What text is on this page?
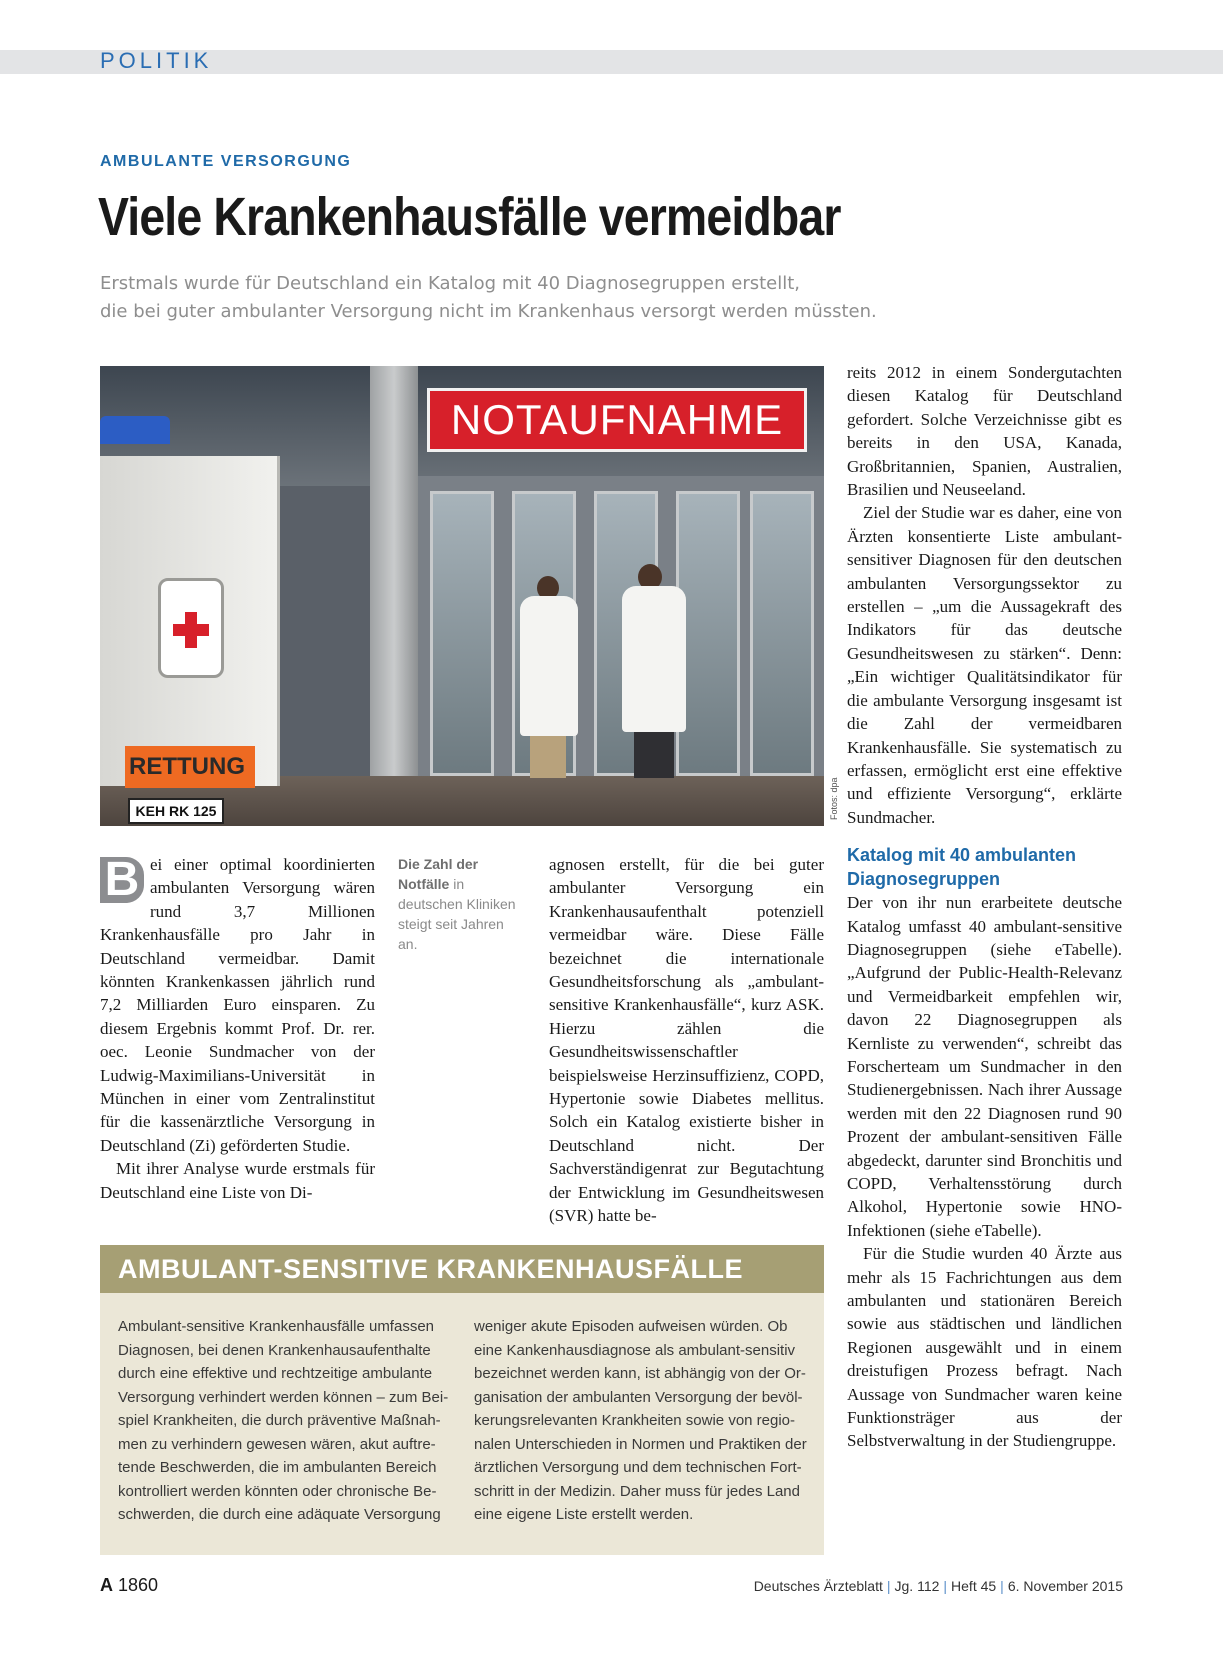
POLITIK
AMBULANTE VERSORGUNG
Viele Krankenhausfälle vermeidbar
Erstmals wurde für Deutschland ein Katalog mit 40 Diagnosegruppen erstellt,
die bei guter ambulanter Versorgung nicht im Krankenhaus versorgt werden müssten.
NOTAUFNAHME
RETTUNG
KEH RK 125	Fotos: dpa

B ei einer optimal koordinierten ambulanten Versorgung wären rund 3,7 Millionen Krankenhausfälle pro Jahr in Deutschland vermeidbar. Damit könnten Krankenkassen jährlich rund 7,2 Milliarden Euro einsparen. Zu diesem Ergebnis kommt Prof. Dr. rer. oec. Leonie Sundmacher von der Ludwig-Maximilians-Universität in München in einer vom Zentralinstitut für die kassenärztliche Versorgung in Deutschland (Zi) geförderten Studie.

Mit ihrer Analyse wurde erstmals für Deutschland eine Liste von Di-

Die Zahl der Notfälle in deutschen Kliniken steigt seit Jahren an.

agnosen erstellt, für die bei guter ambulanter Versorgung ein Krankenhausaufenthalt potenziell vermeidbar wäre. Diese Fälle bezeichnet die internationale Gesundheitsforschung als „ambulant-sensitive Krankenhausfälle“, kurz ASK. Hierzu zählen die Gesundheitswissenschaftler beispielsweise Herzinsuffizienz, COPD, Hypertonie sowie Diabetes mellitus. Solch ein Katalog existierte bisher in Deutschland nicht. Der Sachverständigenrat zur Begutachtung der Entwicklung im Gesundheitswesen (SVR) hatte be-

reits 2012 in einem Sondergutachten diesen Katalog für Deutschland gefordert. Solche Verzeichnisse gibt es bereits in den USA, Kanada, Großbritannien, Spanien, Australien, Brasilien und Neuseeland.

Ziel der Studie war es daher, eine von Ärzten konsentierte Liste ambulant-sensitiver Diagnosen für den deutschen ambulanten Versorgungssektor zu erstellen – „um die Aussagekraft des Indikators für das deutsche Gesundheitswesen zu stärken“. Denn: „Ein wichtiger Qualitätsindikator für die ambulante Versorgung insgesamt ist die Zahl der vermeidbaren Krankenhausfälle. Sie systematisch zu erfassen, ermöglicht erst eine effektive und effiziente Versorgung“, erklärte Sundmacher.

Katalog mit 40 ambulanten Diagnosegruppen

Der von ihr nun erarbeitete deutsche Katalog umfasst 40 ambulant-sensitive Diagnosegruppen (siehe eTabelle). „Aufgrund der Public-Health-Relevanz und Vermeidbarkeit empfehlen wir, davon 22 Diagnosegruppen als Kernliste zu verwenden“, schreibt das Forscherteam um Sundmacher in den Studienergebnissen. Nach ihrer Aussage werden mit den 22 Diagnosen rund 90 Prozent der ambulant-sensitiven Fälle abgedeckt, darunter sind Bronchitis und COPD, Verhaltensstörung durch Alkohol, Hypertonie sowie HNO-Infektionen (siehe eTabelle).

Für die Studie wurden 40 Ärzte aus mehr als 15 Fachrichtungen aus dem ambulanten und stationären Bereich sowie aus städtischen und ländlichen Regionen ausgewählt und in einem dreistufigen Prozess befragt. Nach Aussage von Sundmacher waren keine Funktionsträger aus der Selbstverwaltung in der Studiengruppe.

AMBULANT-SENSITIVE KRANKENHAUSFÄLLE
Ambulant-sensitive Krankenhausfälle umfassen
Diagnosen, bei denen Krankenhausaufenthalte
durch eine effektive und rechtzeitige ambulante
Versorgung verhindert werden können – zum Bei-
spiel Krankheiten, die durch präventive Maßnah-
men zu verhindern gewesen wären, akut auftre-
tende Beschwerden, die im ambulanten Bereich
kontrolliert werden könnten oder chronische Be-
schwerden, die durch eine adäquate Versorgung
weniger akute Episoden aufweisen würden. Ob
eine Kankenhausdiagnose als ambulant-sensitiv
bezeichnet werden kann, ist abhängig von der Or-
ganisation der ambulanten Versorgung der bevöl-
kerungsrelevanten Krankheiten sowie von regio-
nalen Unterschieden in Normen und Praktiken der
ärztlichen Versorgung und dem technischen Fort-
schritt in der Medizin. Daher muss für jedes Land
eine eigene Liste erstellt werden.
A 1860	Deutsches Ärzteblatt | Jg. 112 | Heft 45 | 6. November 2015
